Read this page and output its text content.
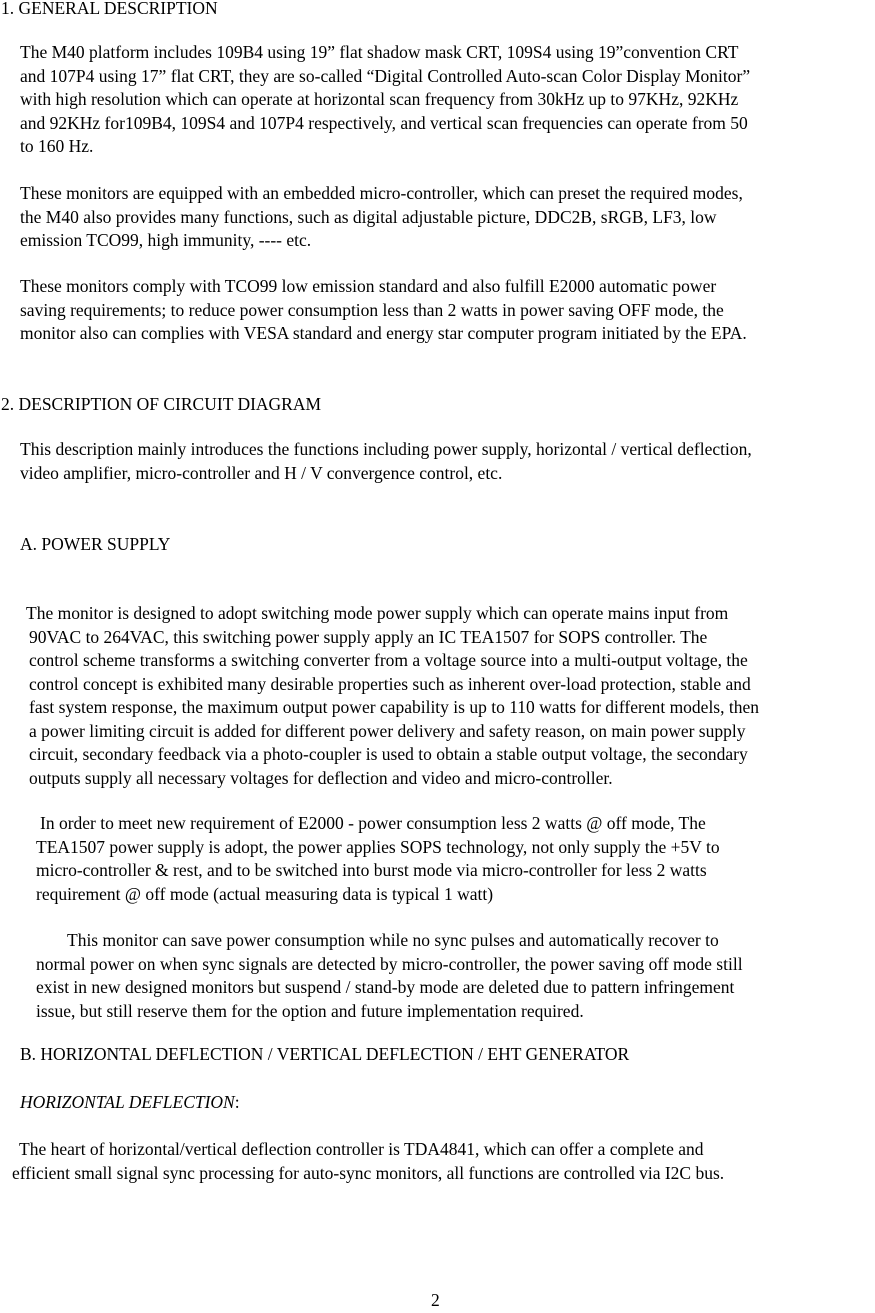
1. GENERAL DESCRIPTION
The M40 platform includes 109B4 using 19” flat shadow mask CRT, 109S4 using 19”convention CRT
and 107P4 using 17” flat CRT, they are so-called “Digital Controlled Auto-scan Color Display Monitor”
with high resolution which can operate at horizontal scan frequency from 30kHz up to 97KHz, 92KHz
and 92KHz for109B4, 109S4 and 107P4 respectively, and vertical scan frequencies can operate from 50
to 160 Hz.
These monitors are equipped with an embedded micro-controller, which can preset the required modes,
the M40 also provides many functions, such as digital adjustable picture, DDC2B, sRGB, LF3, low
emission TCO99, high immunity, ---- etc.
These monitors comply with TCO99 low emission standard and also fulfill E2000 automatic power
saving requirements; to reduce power consumption less than 2 watts in power saving OFF mode, the
monitor also can complies with VESA standard and energy star computer program initiated by the EPA.
2. DESCRIPTION OF CIRCUIT DIAGRAM
This description mainly introduces the functions including power supply, horizontal / vertical deflection,
video amplifier, micro-controller and H / V convergence control, etc.
A. POWER SUPPLY
The monitor is designed to adopt switching mode power supply which can operate mains input from
90VAC to 264VAC, this switching power supply apply an IC TEA1507 for SOPS controller. The
control scheme transforms a switching converter from a voltage source into a multi-output voltage, the
control concept is exhibited many desirable properties such as inherent over-load protection, stable and
fast system response, the maximum output power capability is up to 110 watts for different models, then
a power limiting circuit is added for different power delivery and safety reason, on main power supply
circuit, secondary feedback via a photo-coupler is used to obtain a stable output voltage, the secondary
outputs supply all necessary voltages for deflection and video and micro-controller.
In order to meet new requirement of E2000 - power consumption less 2 watts @ off mode, The
TEA1507 power supply is adopt, the power applies SOPS technology, not only supply the +5V to
micro-controller & rest, and to be switched into burst mode via micro-controller for less 2 watts
requirement @ off mode (actual measuring data is typical 1 watt)
This monitor can save power consumption while no sync pulses and automatically recover to
normal power on when sync signals are detected by micro-controller, the power saving off mode still
exist in new designed monitors but suspend / stand-by mode are deleted due to pattern infringement
issue, but still reserve them for the option and future implementation required.
B. HORIZONTAL DEFLECTION / VERTICAL DEFLECTION / EHT GENERATOR
HORIZONTAL DEFLECTION:
The heart of horizontal/vertical deflection controller is TDA4841, which can offer a complete and
efficient small signal sync processing for auto-sync monitors, all functions are controlled via I2C bus.
2
